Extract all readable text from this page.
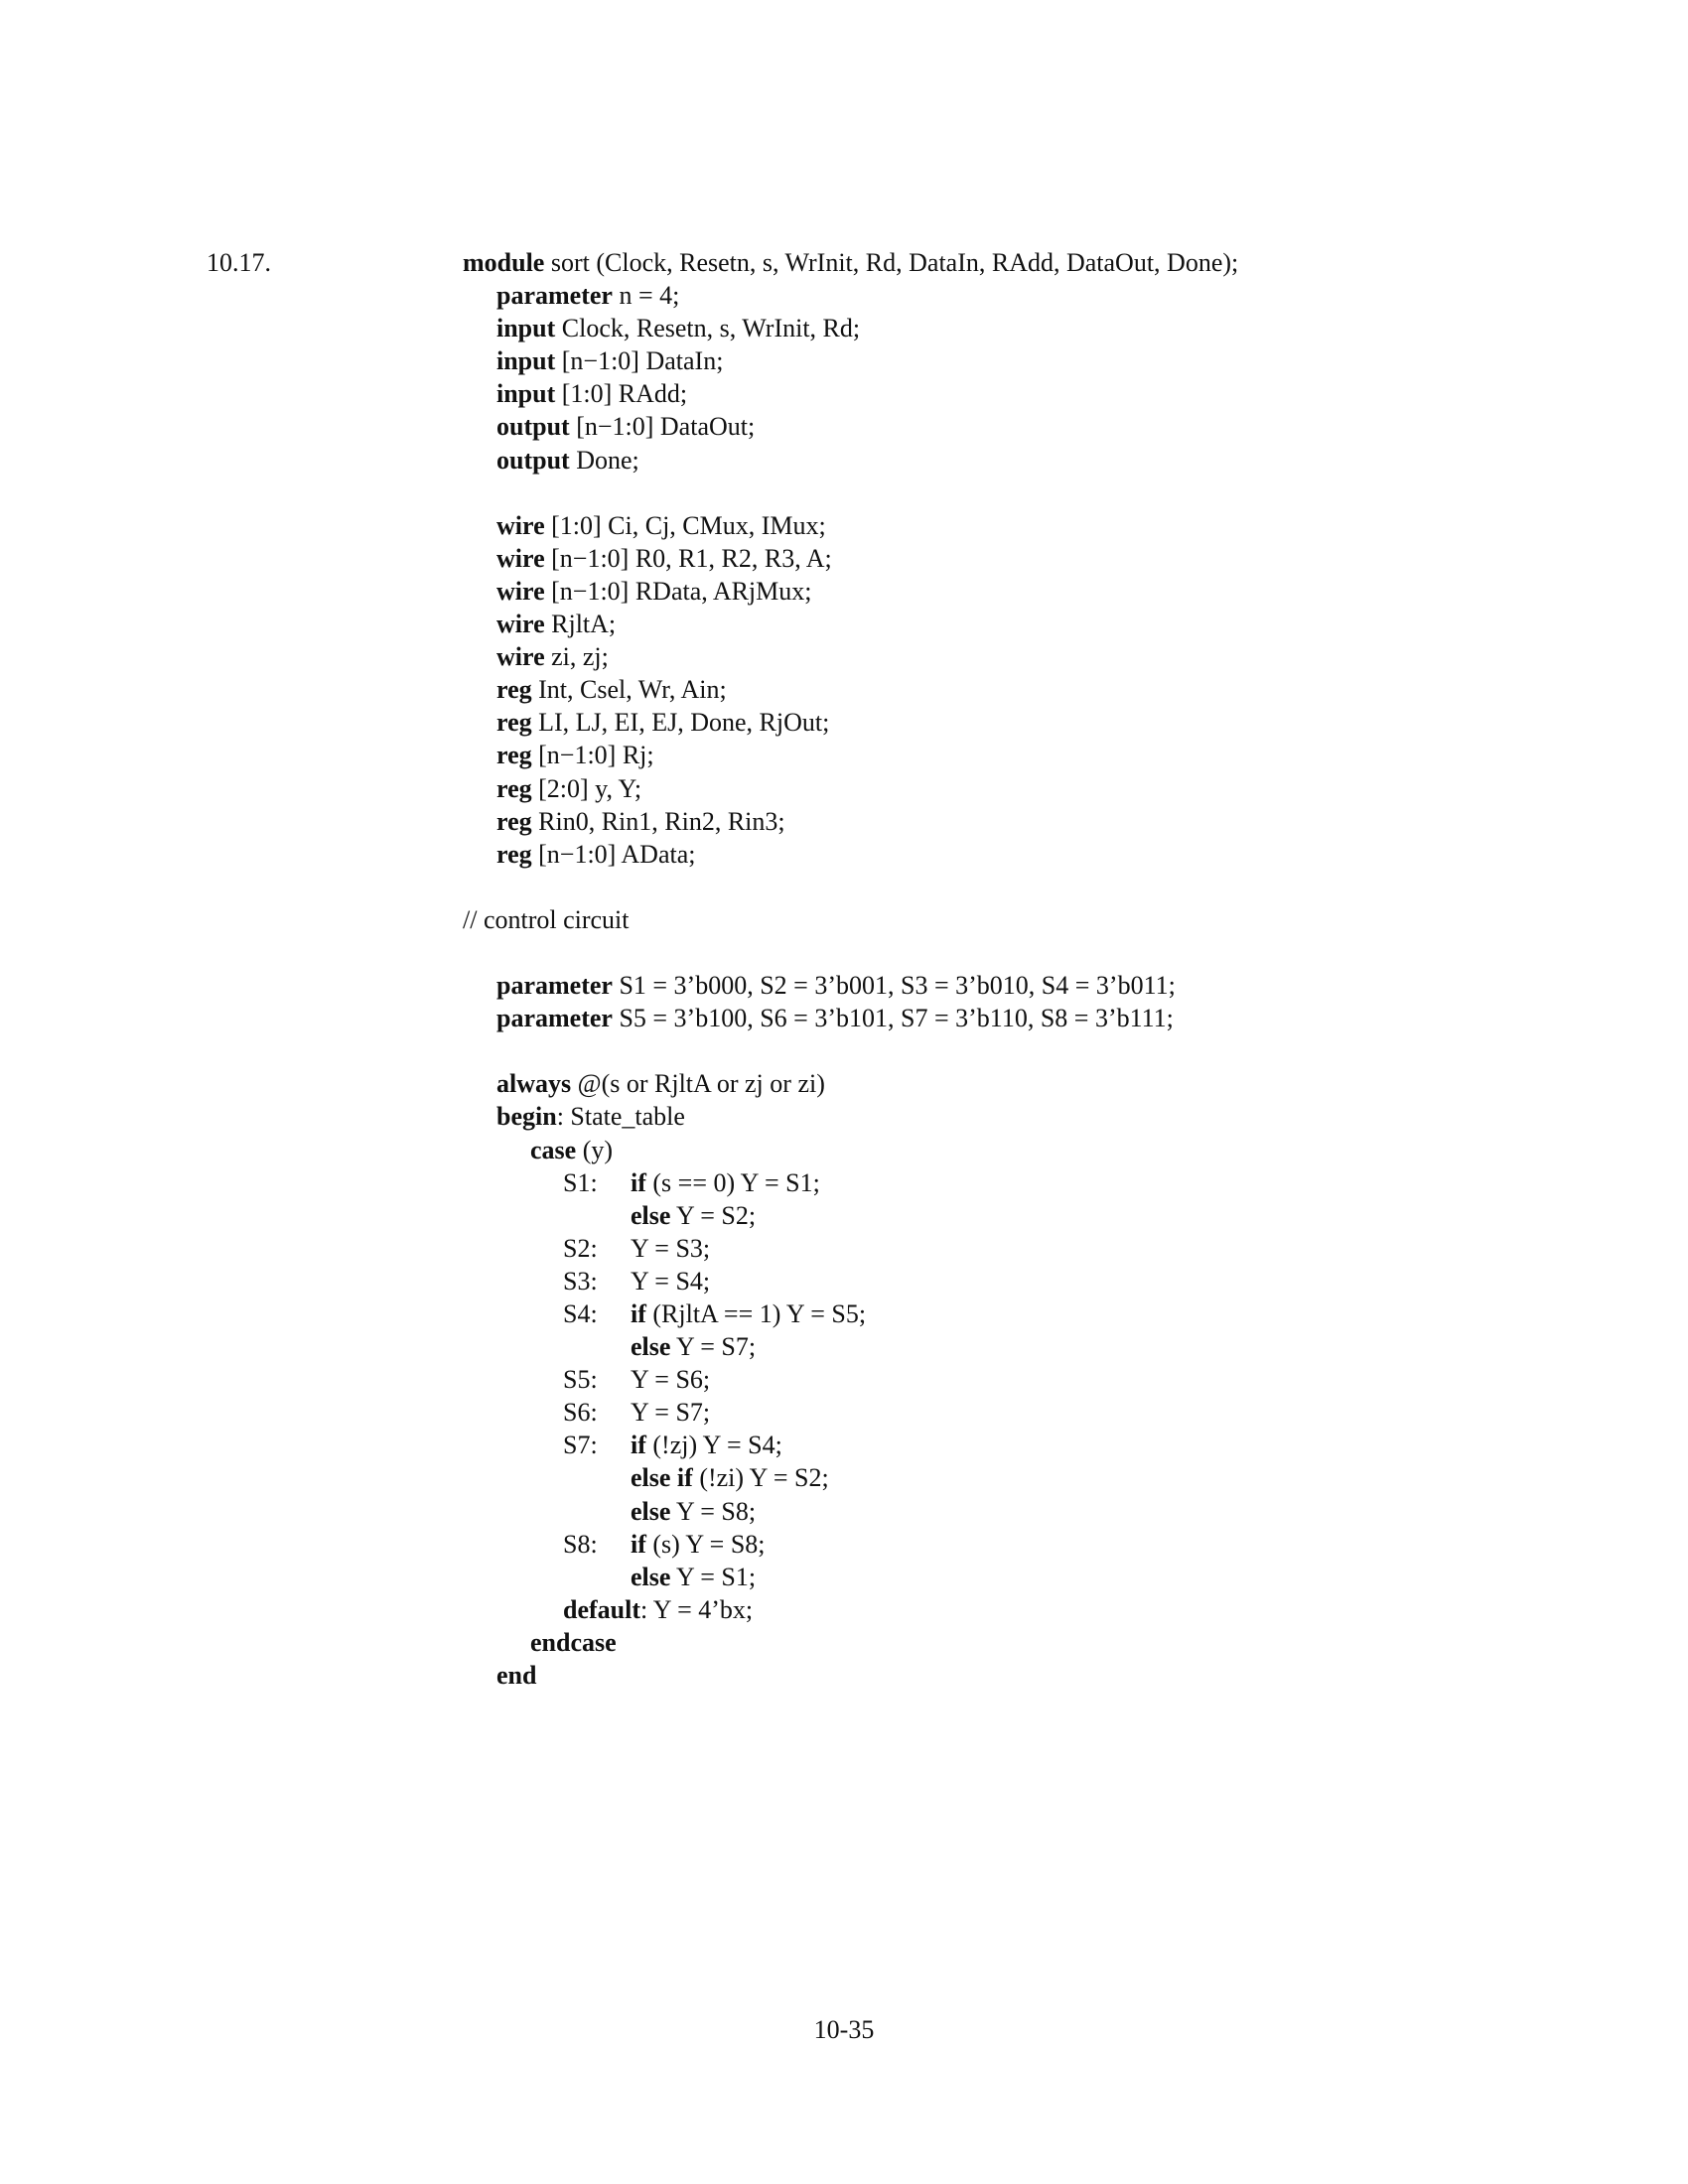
10.17.	module sort (Clock, Resetn, s, WrInit, Rd, DataIn, RAdd, DataOut, Done);
parameter n = 4;
input Clock, Resetn, s, WrInit, Rd;
input [n−1:0] DataIn;
input [1:0] RAdd;
output [n−1:0] DataOut;
output Done;
wire [1:0] Ci, Cj, CMux, IMux;
wire [n−1:0] R0, R1, R2, R3, A;
wire [n−1:0] RData, ARjMux;
wire RjltA;
wire zi, zj;
reg Int, Csel, Wr, Ain;
reg LI, LJ, EI, EJ, Done, RjOut;
reg [n−1:0] Rj;
reg [2:0] y, Y;
reg Rin0, Rin1, Rin2, Rin3;
reg [n−1:0] AData;
// control circuit
parameter S1 = 3’b000, S2 = 3’b001, S3 = 3’b010, S4 = 3’b011;
parameter S5 = 3’b100, S6 = 3’b101, S7 = 3’b110, S8 = 3’b111;
always @(s or RjltA or zj or zi)
begin: State_table
case (y)
S1: if (s == 0) Y = S1;
else Y = S2;
S2: Y = S3;
S3: Y = S4;
S4: if (RjltA == 1) Y = S5;
else Y = S7;
S5: Y = S6;
S6: Y = S7;
S7: if (!zj) Y = S4;
else if (!zi) Y = S2;
else Y = S8;
S8: if (s) Y = S8;
else Y = S1;
default: Y = 4’bx;
endcase
end
10-35
